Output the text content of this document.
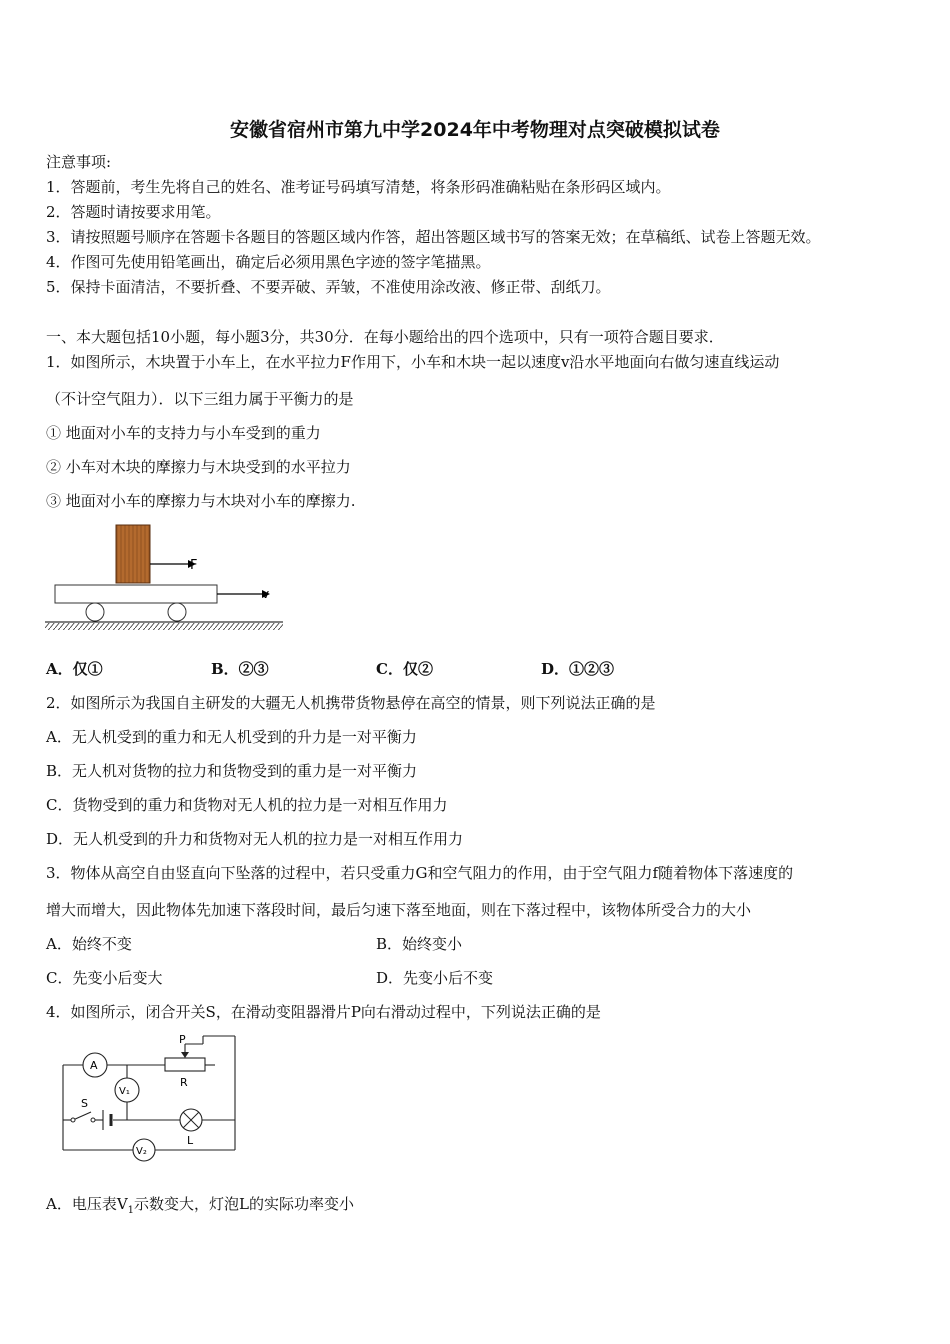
安徽省宿州市第九中学2024年中考物理对点突破模拟试卷
注意事项:
1．答题前，考生先将自己的姓名、准考证号码填写清楚，将条形码准确粘贴在条形码区域内。
2．答题时请按要求用笔。
3．请按照题号顺序在答题卡各题目的答题区域内作答，超出答题区域书写的答案无效；在草稿纸、试卷上答题无效。
4．作图可先使用铅笔画出，确定后必须用黑色字迹的签字笔描黑。
5．保持卡面清洁，不要折叠、不要弄破、弄皱，不准使用涂改液、修正带、刮纸刀。
一、本大题包括10小题，每小题3分，共30分．在每小题给出的四个选项中，只有一项符合题目要求．
1．如图所示，木块置于小车上，在水平拉力F作用下，小车和木块一起以速度v沿水平地面向右做匀速直线运动
（不计空气阻力）．以下三组力属于平衡力的是
① 地面对小车的支持力与小车受到的重力
② 小车对木块的摩擦力与木块受到的水平拉力
③ 地面对小车的摩擦力与木块对小车的摩擦力.
F
v
A．仅①	B．②③	C．仅②	D．①②③
2．如图所示为我国自主研发的大疆无人机携带货物悬停在高空的情景，则下列说法正确的是
A．无人机受到的重力和无人机受到的升力是一对平衡力
B．无人机对货物的拉力和货物受到的重力是一对平衡力
C．货物受到的重力和货物对无人机的拉力是一对相互作用力
D．无人机受到的升力和货物对无人机的拉力是一对相互作用力
3．物体从高空自由竖直向下坠落的过程中，若只受重力G和空气阻力的作用，由于空气阻力f随着物体下落速度的
增大而增大，因此物体先加速下落段时间，最后匀速下落至地面，则在下落过程中，该物体所受合力的大小
A．始终不变	B．始终变小
C．先变小后变大	D．先变小后不变
4．如图所示，闭合开关S，在滑动变阻器滑片P向右滑动过程中，下列说法正确的是
P
R
A
V₁
S
L
V₂
A．电压表$V_1$示数变大，灯泡L的实际功率变小
